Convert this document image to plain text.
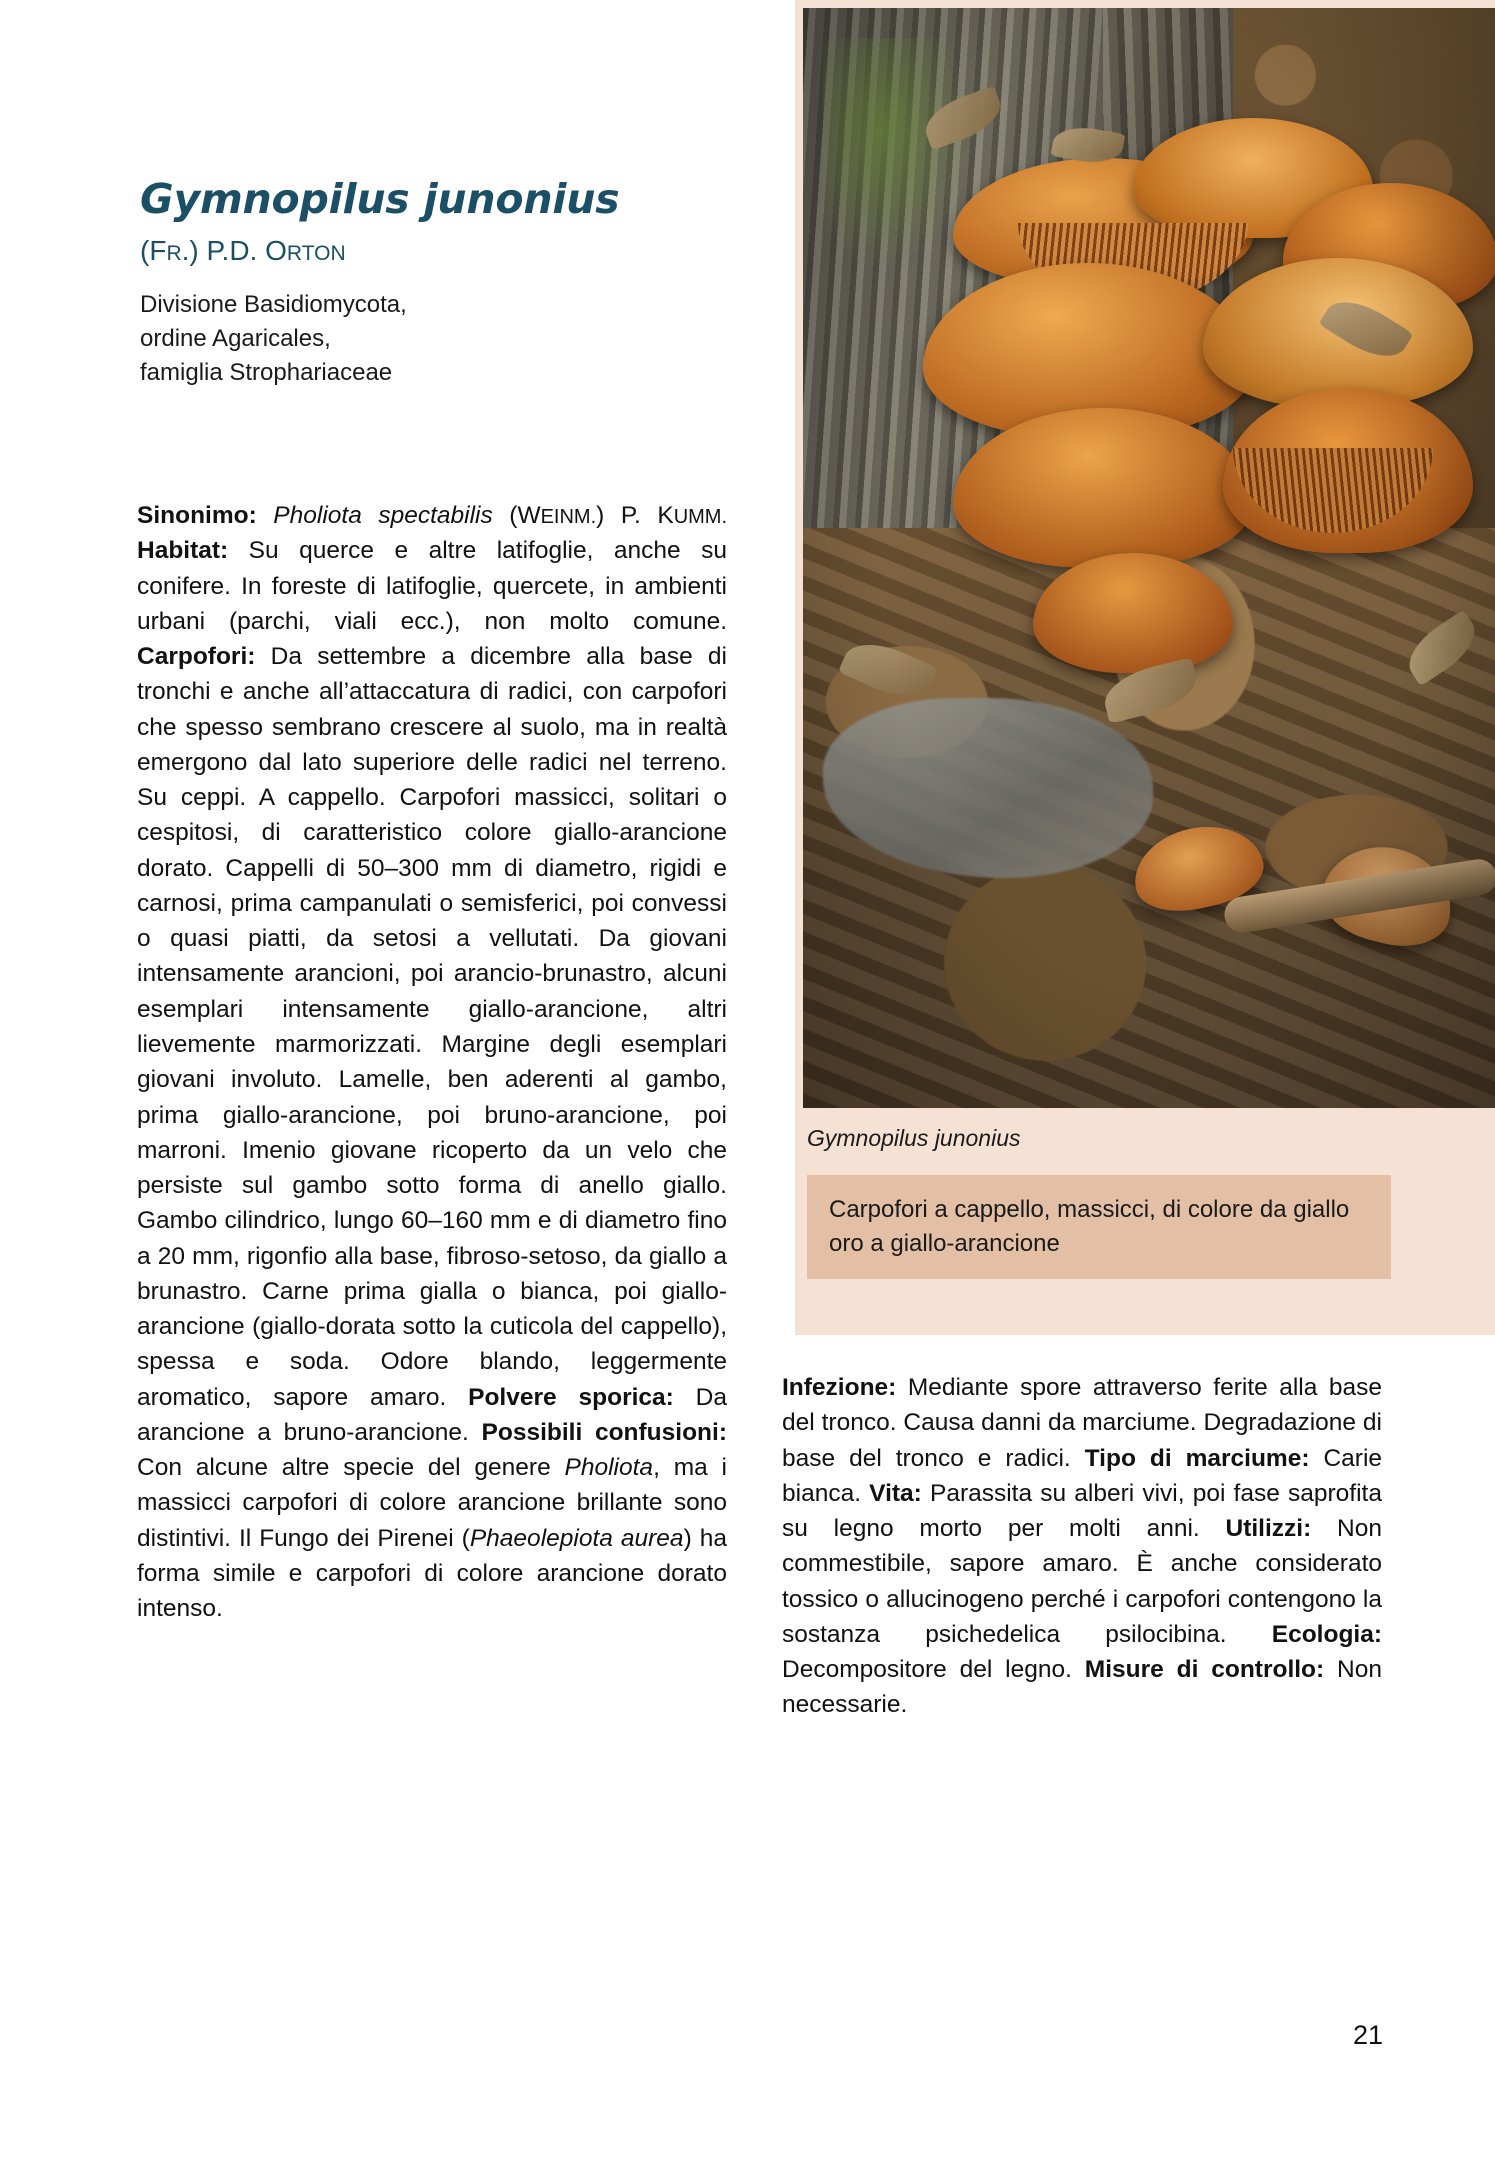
Gymnopilus junonius
Carpofori a cappello, massicci, di colore da giallo oro a giallo-arancione
Gymnopilus junonius
(FR.) P.D. ORTON
Divisione Basidiomycota,
ordine Agaricales,
famiglia Strophariaceae
Sinonimo: Pholiota spectabilis (WEINM.) P. KUMM. Habitat: Su querce e altre latifoglie, anche su conifere. In foreste di latifoglie, quercete, in ambienti urbani (parchi, viali ecc.), non molto comune. Carpofori: Da settembre a dicembre alla base di tronchi e anche all’attaccatura di radici, con carpofori che spesso sembrano crescere al suolo, ma in realtà emergono dal lato superiore delle radici nel terreno. Su ceppi. A cappello. Carpofori massicci, solitari o cespitosi, di caratteristico colore giallo-arancione dorato. Cappelli di 50–300 mm di diametro, rigidi e carnosi, prima campanulati o semisferici, poi convessi o quasi piatti, da setosi a vellutati. Da giovani intensamente arancioni, poi arancio-brunastro, alcuni esemplari intensamente giallo-arancione, altri lievemente marmorizzati. Margine degli esemplari giovani involuto. Lamelle, ben aderenti al gambo, prima giallo-arancione, poi bruno-arancione, poi marroni. Imenio giovane ricoperto da un velo che persiste sul gambo sotto forma di anello giallo. Gambo cilindrico, lungo 60–160 mm e di diametro fino a 20 mm, rigonfio alla base, fibroso-setoso, da giallo a brunastro. Carne prima gialla o bianca, poi giallo-arancione (giallo-dorata sotto la cuticola del cappello), spessa e soda. Odore blando, leggermente aromatico, sapore amaro. Polvere sporica: Da arancione a bruno-arancione. Possibili confusioni: Con alcune altre specie del genere Pholiota, ma i massicci carpofori di colore arancione brillante sono distintivi. Il Fungo dei Pirenei (Phaeolepiota aurea) ha forma simile e carpofori di colore arancione dorato intenso.
Infezione: Mediante spore attraverso ferite alla base del tronco. Causa danni da marciume. Degradazione di base del tronco e radici. Tipo di marciume: Carie bianca. Vita: Parassita su alberi vivi, poi fase saprofita su legno morto per molti anni. Utilizzi: Non commestibile, sapore amaro. È anche considerato tossico o allucinogeno perché i carpofori contengono la sostanza psichedelica psilocibina. Ecologia: Decompositore del legno. Misure di controllo: Non necessarie.
21
